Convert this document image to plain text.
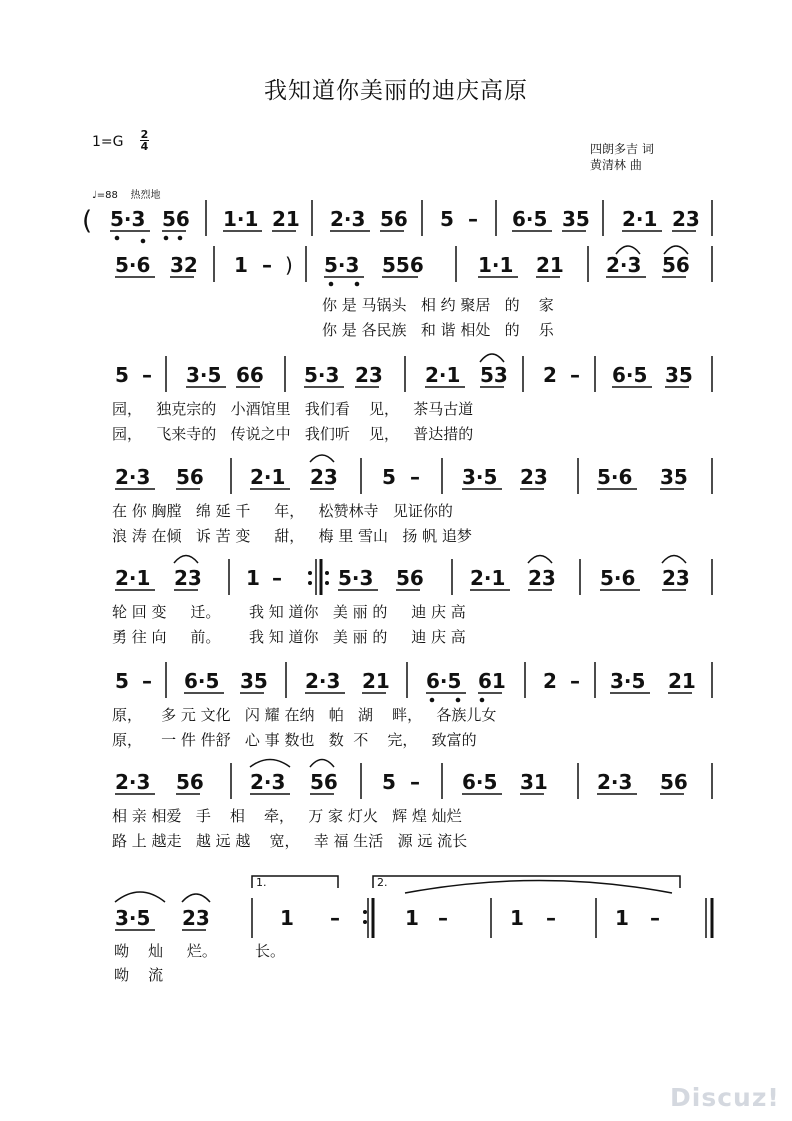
我知道你美丽的迪庆高原
1=G 2
4	四朗多吉 词
黄清林 曲
♩=88 热烈地
( 5·3 56 1·1 21 2·3 56 5 – 6·5 35 2·1 23
5·6 32 1 – ) 5·3 556	1·1 21 2·3 56
5 – 3·5 66 5·3 23 2·1 53 2 – 6·5 35
2·3 56 2·1 23 5 – 3·5 23 5·6 35
2·1 23 1 –	5·3 56 2·1 23 5·6 23
5 – 6·5 35 2·3 21 6·5 61 2 – 3·5 21
2·3 56 2·3 56 5 – 6·5 31 2·3 56
3·5 23	1 –	1 –	1 –	1 –
1.	2.
你 是 马锅头   相 约 聚居   的    家
你 是 各民族   和 谐 相处   的    乐
园，   独克宗的   小酒馆里   我们看    见，   茶马古道
园，   飞来寺的   传说之中   我们听    见，   普达措的
在 你 胸膛   绵 延 千     年，   松赞林寺   见证你的
浪 涛 在倾   诉 苦 变     甜，   梅 里 雪山   扬 帆 追梦
轮 回 变     迁。      我 知 道你   美 丽 的     迪 庆 高
勇 往 向     前。      我 知 道你   美 丽 的     迪 庆 高
原，    多 元 文化   闪 耀 在纳   帕   湖    畔，   各族儿女
原，    一 件 件舒   心 事 数也   数  不    完，   致富的
相 亲 相爱   手    相    牵，   万 家 灯火   辉 煌 灿烂
路 上 越走   越 远 越    宽，   幸 福 生活   源 远 流长
呦    灿     烂。        长。
呦    流
Discuz!
